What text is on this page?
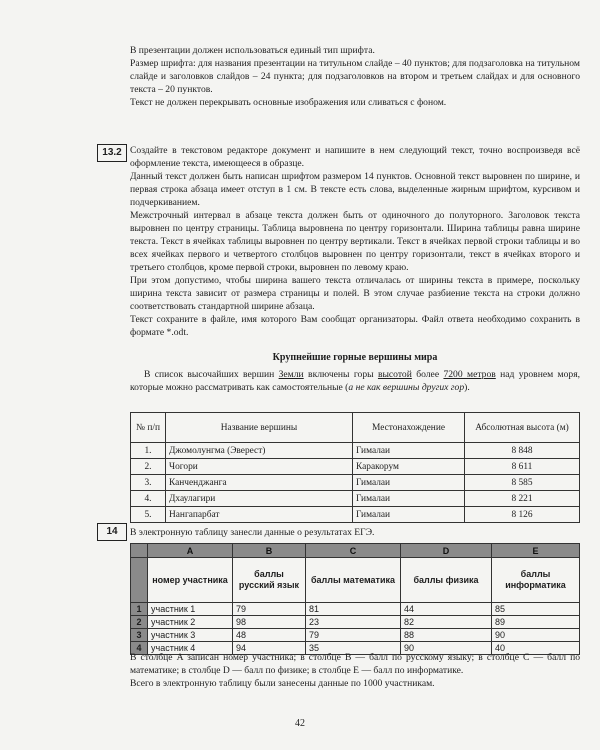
В презентации должен использоваться единый тип шрифта.

Размер шрифта: для названия презентации на титульном слайде – 40 пунктов; для подзаголовка на титульном слайде и заголовков слайдов – 24 пункта; для подзаголовков на втором и третьем слайдах и для основного текста – 20 пунктов.

Текст не должен перекрывать основные изображения или сливаться с фоном.

13.2 Создайте в текстовом редакторе документ и напишите в нем следующий текст, точно воспроизведя всё оформление текста, имеющееся в образце.

Данный текст должен быть написан шрифтом размером 14 пунктов. Основной текст выровнен по ширине, и первая строка абзаца имеет отступ в 1 см. В тексте есть слова, выделенные жирным шрифтом, курсивом и подчеркиванием.

Межстрочный интервал в абзаце текста должен быть от одиночного до полуторного. Заголовок текста выровнен по центру страницы. Таблица выровнена по центру горизонтали. Ширина таблицы равна ширине текста. Текст в ячейках таблицы выровнен по центру вертикали. Текст в ячейках первой строки таблицы и во всех ячейках первого и четвертого столбцов выровнен по центру горизонтали, текст в ячейках второго и третьего столбцов, кроме первой строки, выровнен по левому краю.

При этом допустимо, чтобы ширина вашего текста отличалась от ширины текста в примере, поскольку ширина текста зависит от размера страницы и полей. В этом случае разбиение текста на строки должно соответствовать стандартной ширине абзаца.

Текст сохраните в файле, имя которого Вам сообщат организаторы. Файл ответа необходимо сохранить в формате *.odt.

Крупнейшие горные вершины мира
В список высочайших вершин Земли включены горы высотой более 7200 метров над уровнем моря, которые можно рассматривать как самостоятельные (а не как вершины других гор).
№ п/п	Название вершины	Местонахождение	Абсолютная высота (м)
1.	Джомолунгма (Эверест)	Гималаи	8 848
2.	Чогори	Каракорум	8 611
3.	Канченджанга	Гималаи	8 585
4.	Дхаулагири	Гималаи	8 221
5.	Нангапарбат	Гималаи	8 126
14	В электронную таблицу занесли данные о результатах ЕГЭ.
	A	B	C	D	E
	номер участника	баллы русский язык	баллы математика	баллы физика	баллы информатика
1	участник 1	79	81	44	85
2	участник 2	98	23	82	89
3	участник 3	48	79	88	90
4	участник 4	94	35	90	40

В столбце A записан номер участника; в столбце B — балл по русскому языку; в столбце C — балл по математике; в столбце D — балл по физике; в столбце E — балл по информатике.

Всего в электронную таблицу были занесены данные по 1000 участникам.

42
